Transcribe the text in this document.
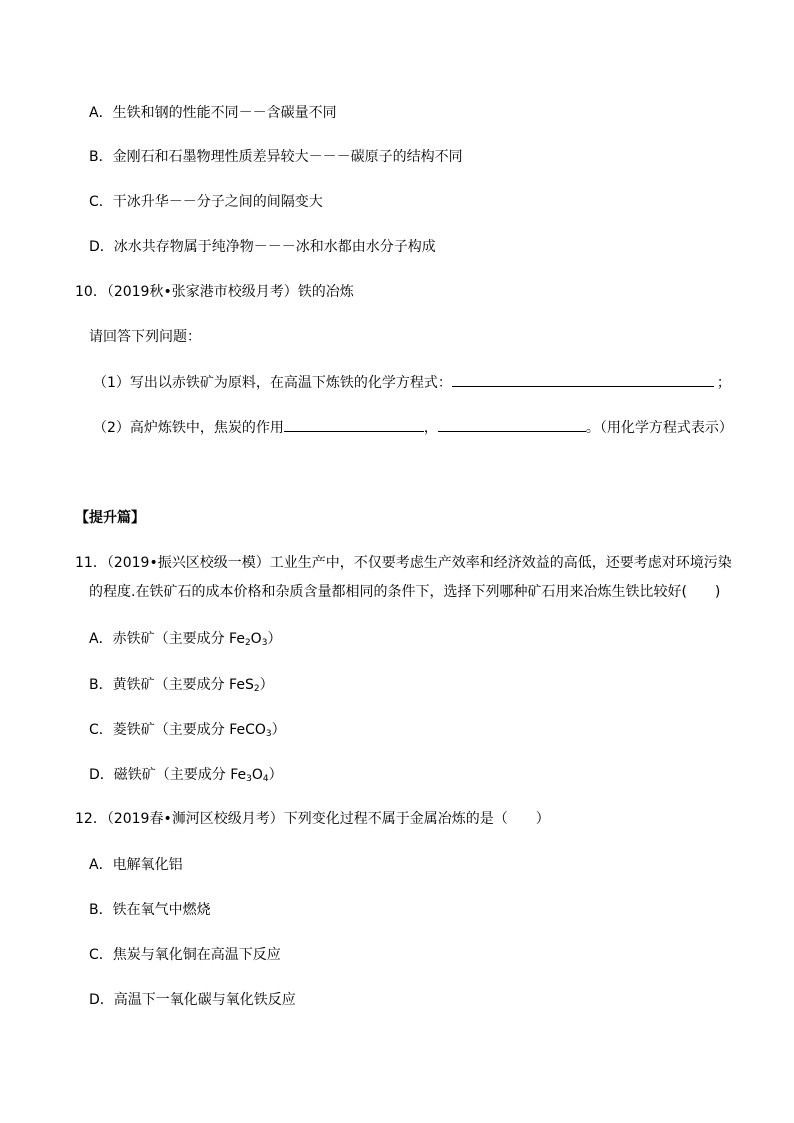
A．生铁和钢的性能不同－－含碳量不同
B．金刚石和石墨物理性质差异较大－－－碳原子的结构不同
C．干冰升华－－分子之间的间隔变大
D．冰水共存物属于纯净物－－－冰和水都由水分子构成
10．（2019秋•张家港市校级月考）铁的冶炼
请回答下列问题：
（1）写出以赤铁矿为原料，在高温下炼铁的化学方程式：	；
（2）高炉炼铁中，焦炭的作用	，	。（用化学方程式表示）
【提升篇】
11．（2019•振兴区校级一模）工业生产中，不仅要考虑生产效率和经济效益的高低，还要考虑对环境污染
的程度.在铁矿石的成本价格和杂质含量都相同的条件下，选择下列哪种矿石用来冶炼生铁比较好(　　)
A．赤铁矿（主要成分 $Fe_2O_3$）
B．黄铁矿（主要成分 FeS$_2$）
C．菱铁矿（主要成分 FeCO$_3$）
D．磁铁矿（主要成分 $Fe_3O_4$）
12．（2019春•浉河区校级月考）下列变化过程不属于金属冶炼的是（　　）
A．电解氧化铝
B．铁在氧气中燃烧
C．焦炭与氧化铜在高温下反应
D．高温下一氧化碳与氧化铁反应
